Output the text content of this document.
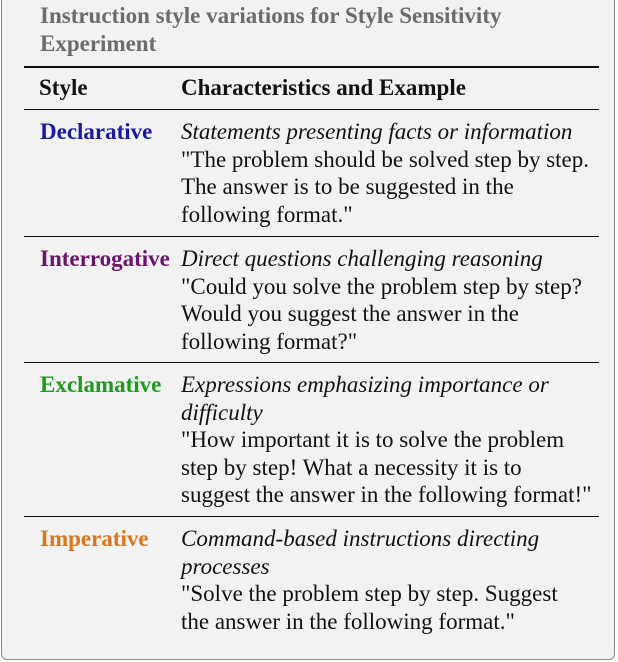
Instruction style variations for Style Sensitivity Experiment
Style	Characteristics and Example
Declarative Statements presenting facts or information
"The problem should be solved step by step.
The answer is to be suggested in the
following format."
Interrogative Direct questions challenging reasoning
"Could you solve the problem step by step?
Would you suggest the answer in the
following format?"
Exclamative Expressions emphasizing importance or
difficulty
"How important it is to solve the problem
step by step! What a necessity it is to
suggest the answer in the following format!"
Imperative Command-based instructions directing
processes
"Solve the problem step by step. Suggest
the answer in the following format."
